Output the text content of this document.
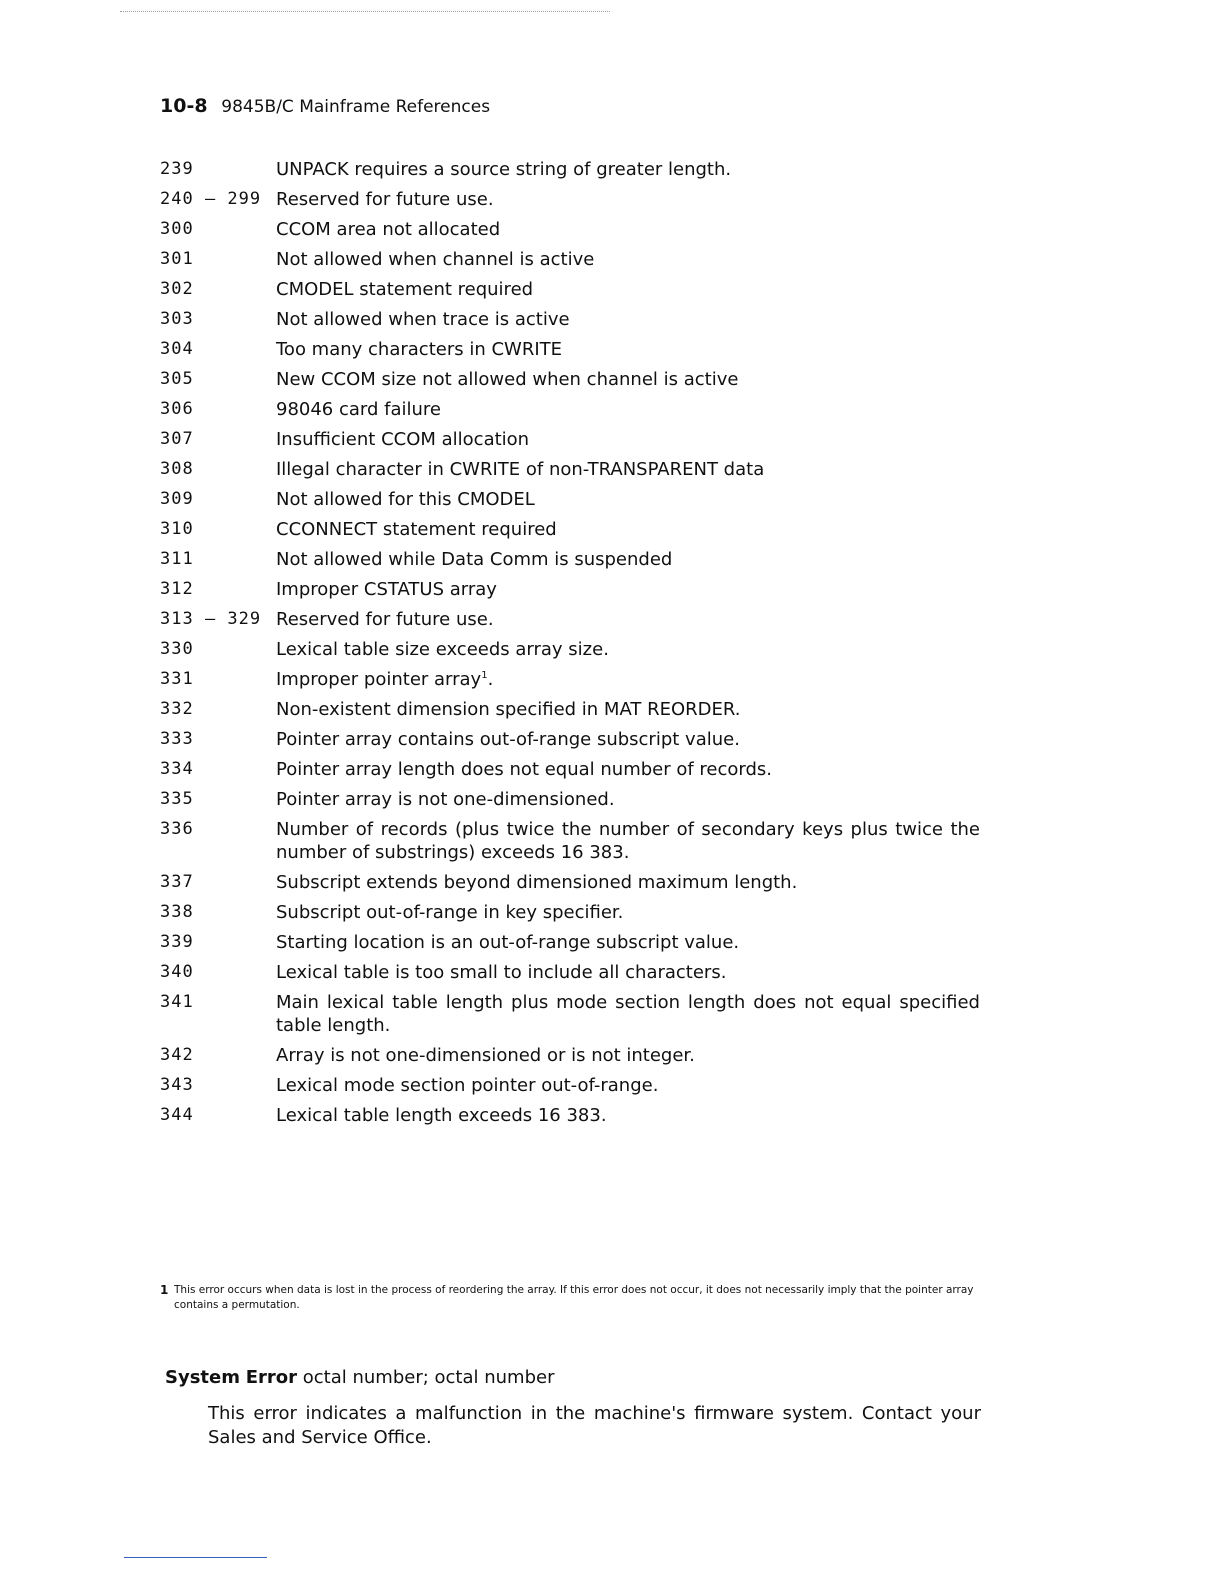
10-8 9845B/C Mainframe References
239	UNPACK requires a source string of greater length.
240 – 299 Reserved for future use.
300	CCOM area not allocated
301	Not allowed when channel is active
302	CMODEL statement required
303	Not allowed when trace is active
304	Too many characters in CWRITE
305	New CCOM size not allowed when channel is active
306	98046 card failure
307	Insufficient CCOM allocation
308	Illegal character in CWRITE of non-TRANSPARENT data
309	Not allowed for this CMODEL
310	CCONNECT statement required
311	Not allowed while Data Comm is suspended
312	Improper CSTATUS array
313 – 329 Reserved for future use.
330	Lexical table size exceeds array size.
331	Improper pointer array$^1$.
332	Non-existent dimension specified in MAT REORDER.
333	Pointer array contains out-of-range subscript value.
334	Pointer array length does not equal number of records.
335	Pointer array is not one-dimensioned.
336	Number of records (plus twice the number of secondary keys plus twice the number of substrings) exceeds 16 383.
337	Subscript extends beyond dimensioned maximum length.
338	Subscript out-of-range in key specifier.
339	Starting location is an out-of-range subscript value.
340	Lexical table is too small to include all characters.
341	Main lexical table length plus mode section length does not equal specified table length.
342	Array is not one-dimensioned or is not integer.
343	Lexical mode section pointer out-of-range.
344	Lexical table length exceeds 16 383.
1 This error occurs when data is lost in the process of reordering the array. If this error does not occur, it does not necessarily imply that the pointer array contains a permutation.
System Error octal number; octal number
This error indicates a malfunction in the machine's firmware system. Contact your Sales and Service Office.
